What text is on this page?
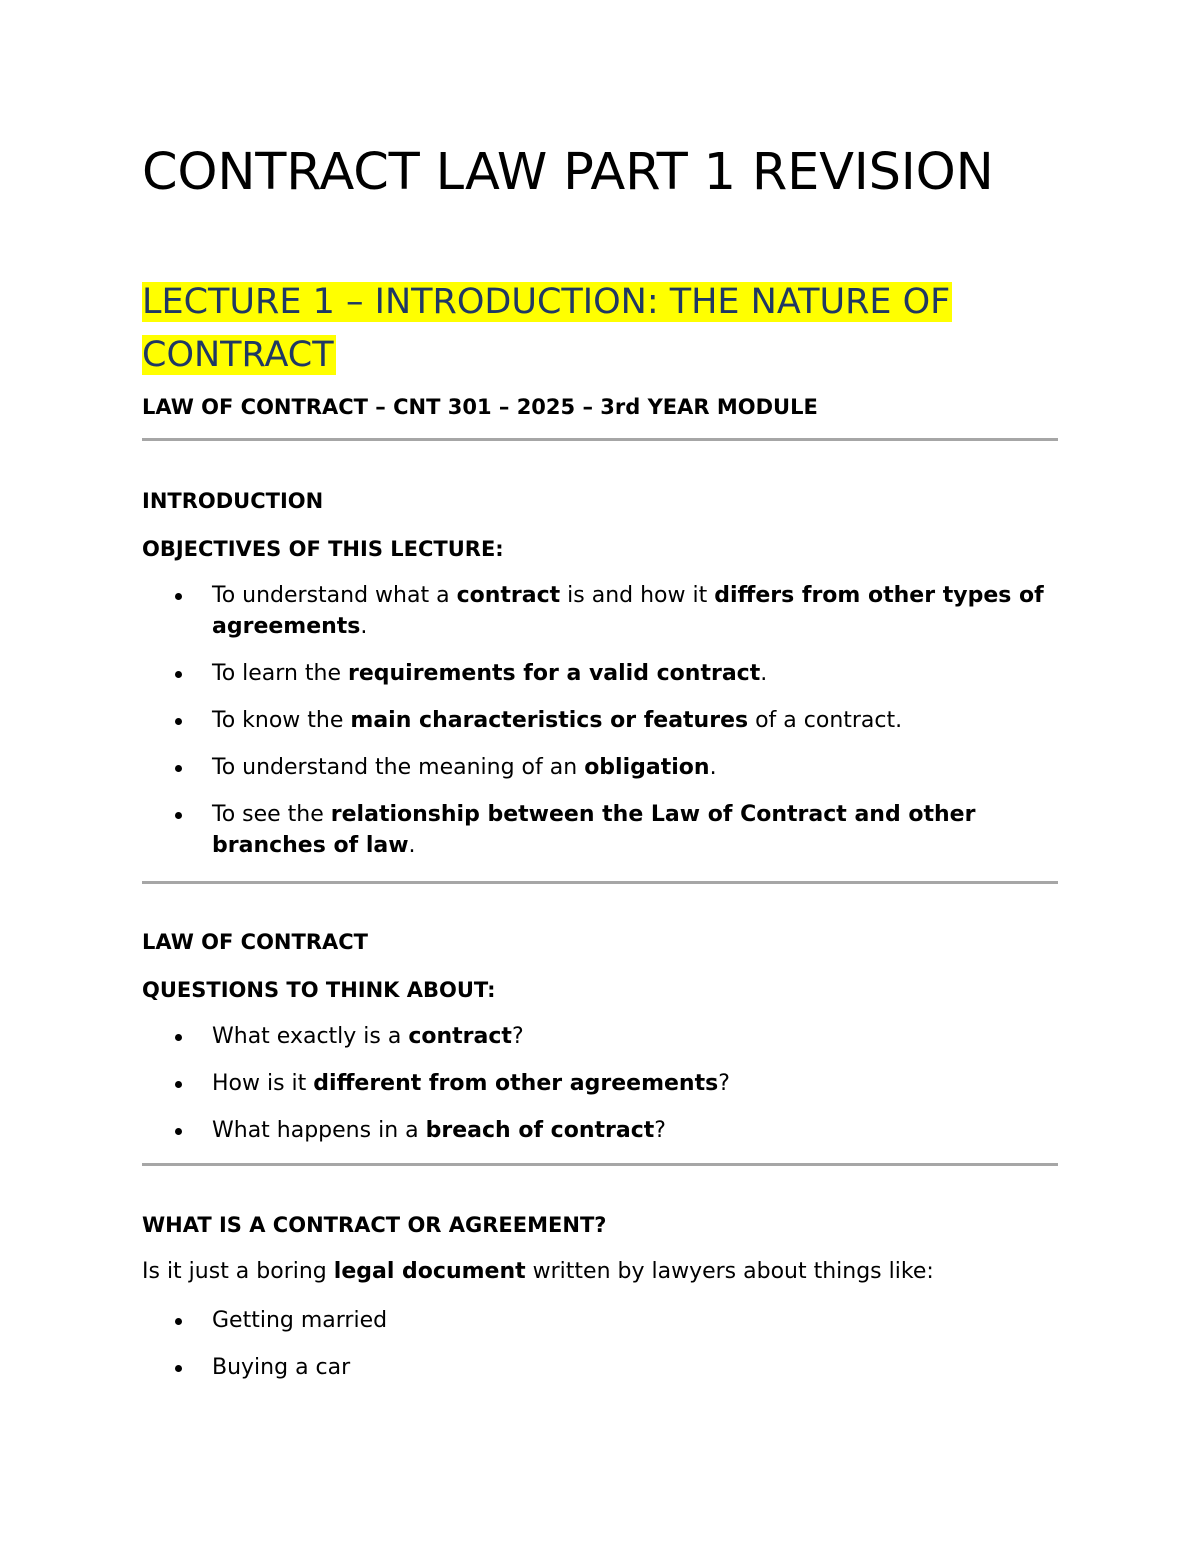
CONTRACT LAW PART 1 REVISION
LECTURE 1 – INTRODUCTION: THE NATURE OF CONTRACT

LAW OF CONTRACT – CNT 301 – 2025 – 3rd YEAR MODULE

INTRODUCTION

OBJECTIVES OF THIS LECTURE:

To understand what a contract is and how it differs from other types of agreements.
To learn the requirements for a valid contract.
To know the main characteristics or features of a contract.
To understand the meaning of an obligation.
To see the relationship between the Law of Contract and other branches of law.

LAW OF CONTRACT

QUESTIONS TO THINK ABOUT:

What exactly is a contract?
How is it different from other agreements?
What happens in a breach of contract?

WHAT IS A CONTRACT OR AGREEMENT?

Is it just a boring legal document written by lawyers about things like:

Getting married
Buying a car
